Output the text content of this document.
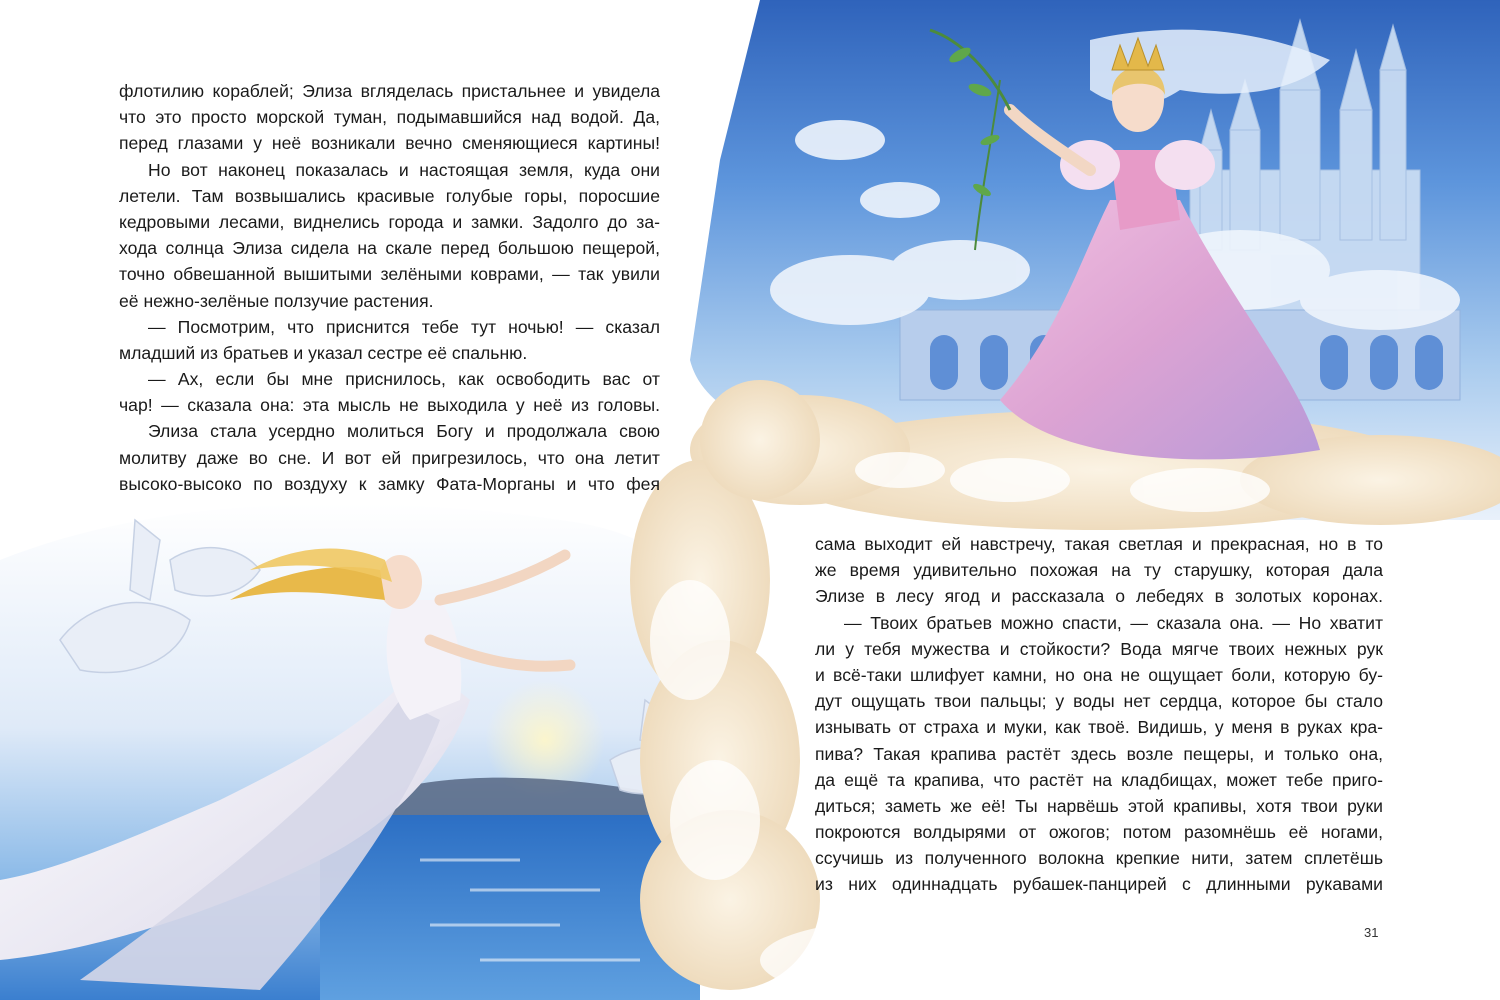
флотилию кораблей; Элиза вгляделась пристальнее и увидела
что это просто морской туман, подымавшийся над водой. Да,
перед глазами у неё возникали вечно сменяющиеся картины!
Но вот наконец показалась и настоящая земля, куда они
летели. Там возвышались красивые голубые горы, поросшие
кедровыми лесами, виднелись города и замки. Задолго до за-
хода солнца Элиза сидела на скале перед большою пещерой,
точно обвешанной вышитыми зелёными коврами, — так увили
её нежно-зелёные ползучие растения.
— Посмотрим, что приснится тебе тут ночью! — сказал
младший из братьев и указал сестре её спальню.
— Ах, если бы мне приснилось, как освободить вас от
чар! — сказала она: эта мысль не выходила у неё из головы.
Элиза стала усердно молиться Богу и продолжала свою
молитву даже во сне. И вот ей пригрезилось, что она летит
высоко-высоко по воздуху к замку Фата-Морганы и что фея
сама выходит ей навстречу, такая светлая и прекрасная, но в то
же время удивительно похожая на ту старушку, которая дала
Элизе в лесу ягод и рассказала о лебедях в золотых коронах.
— Твоих братьев можно спасти, — сказала она. — Но хватит
ли у тебя мужества и стойкости? Вода мягче твоих нежных рук
и всё-таки шлифует камни, но она не ощущает боли, которую бу-
дут ощущать твои пальцы; у воды нет сердца, которое бы стало
изнывать от страха и муки, как твоё. Видишь, у меня в руках кра-
пива? Такая крапива растёт здесь возле пещеры, и только она,
да ещё та крапива, что растёт на кладбищах, может тебе приго-
диться; заметь же её! Ты нарвёшь этой крапивы, хотя твои руки
покроются волдырями от ожогов; потом разомнёшь её ногами,
ссучишь из полученного волокна крепкие нити, затем сплетёшь
из них одиннадцать рубашек-панцирей с длинными рукавами
31
